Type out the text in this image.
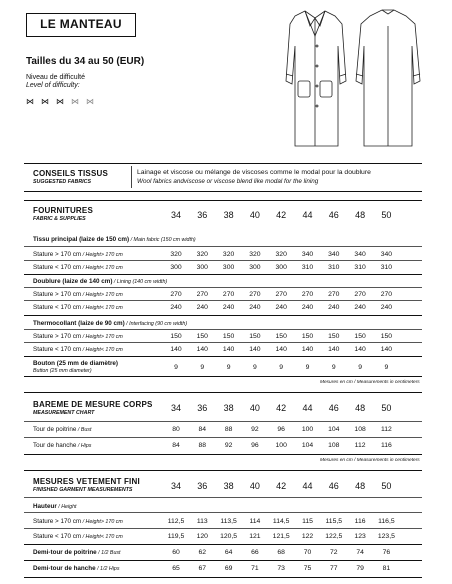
LE MANTEAU
Tailles du 34 au 50 (EUR)
Niveau de difficulté
Level of difficulty:
⋈ ⋈ ⋈ ⋈ ⋈
CONSEILS TISSUS
SUGGESTED FABRICS
Lainage et viscose ou mélange de viscoses comme le modal pour la doublure
Wool fabrics andviscose or viscose blend like modal for the lining
FOURNITURES
FABRIC & SUPPLIES	34	36	38	40	42	44	46	48	50
Tissu principal (laize de 150 cm) / Main fabric (150 cm width)
Stature > 170 cm / Height> 170 cm	320	320	320	320	320	340	340	340	340
Stature < 170 cm / Height< 170 cm	300	300	300	300	300	310	310	310	310
Doublure (laize de 140 cm) / Lining (140 cm width)
Stature > 170 cm / Height> 170 cm	270	270	270	270	270	270	270	270	270
Stature < 170 cm / Height< 170 cm	240	240	240	240	240	240	240	240	240
Thermocollant (laize de 90 cm) / Interfacing (90 cm width)
Stature > 170 cm / Height> 170 cm	150	150	150	150	150	150	150	150	150
Stature < 170 cm / Height< 170 cm	140	140	140	140	140	140	140	140	140
Bouton (25 mm de diamètre)
Button (25 mm diameter)	9	9	9	9	9	9	9	9	9
Mesures en cm / Measurements in centimeters
BAREME DE MESURE CORPS
MEASUREMENT CHART	34	36	38	40	42	44	46	48	50
Tour de poitrine / Bust	80	84	88	92	96	100	104	108	112
Tour de hanche / Hips	84	88	92	96	100	104	108	112	116
Mesures en cm / Measurements in centimeters
MESURES VETEMENT FINI
FINISHED GARMENT MEASUREMENTS	34	36	38	40	42	44	46	48	50
Hauteur / Height
Stature > 170 cm / Height> 170 cm	112,5	113	113,5	114	114,5	115	115,5	116	116,5
Stature < 170 cm / Height< 170 cm	119,5	120	120,5	121	121,5	122	122,5	123	123,5
Demi-tour de poitrine / 1/2 Bust	60	62	64	66	68	70	72	74	76
Demi-tour de hanche / 1/2 Hips	65	67	69	71	73	75	77	79	81
